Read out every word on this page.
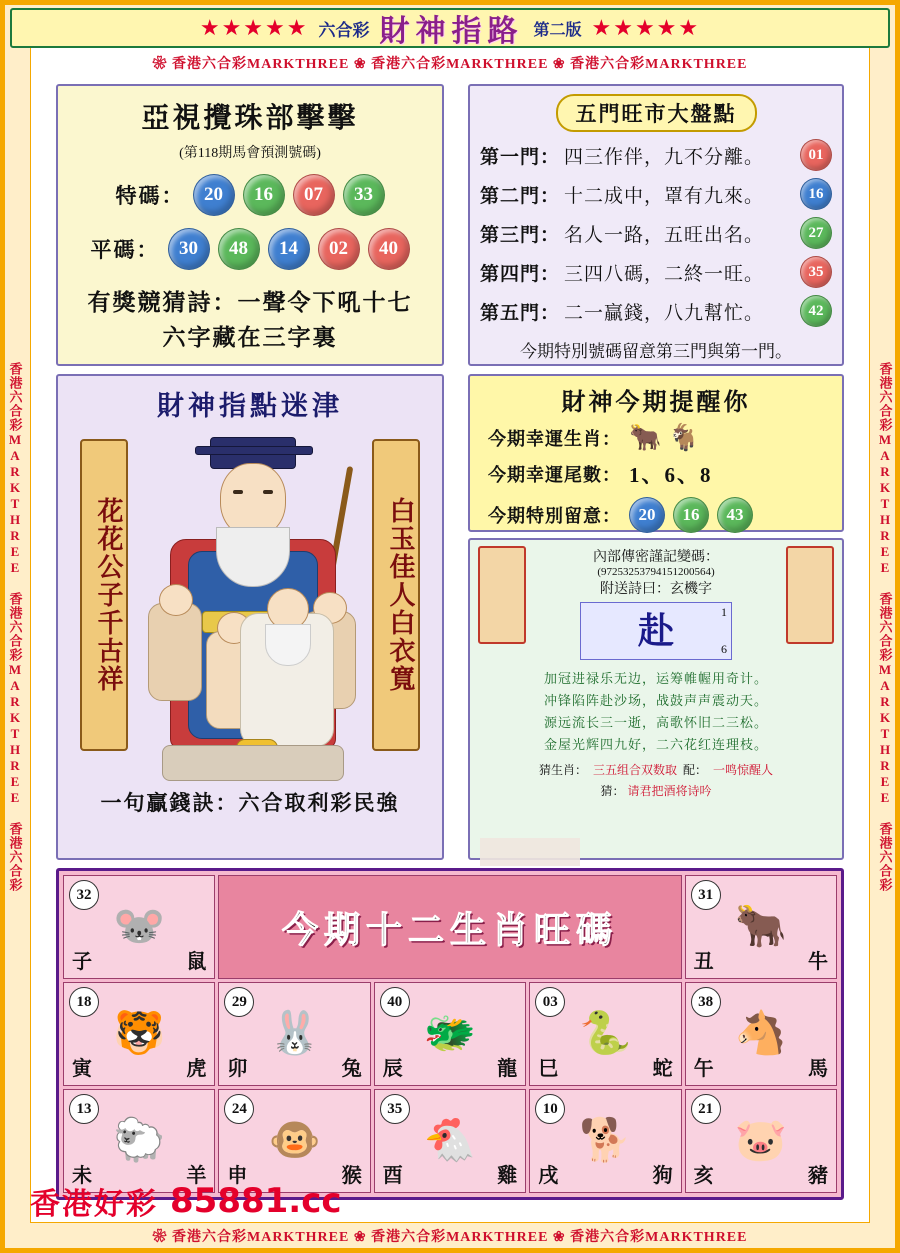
香港六合彩MARKTHREE 香港六合彩MARKTHREE 香港六合彩	香港六合彩MARKTHREE 香港六合彩MARKTHREE 香港六合彩
★★★★★ 六合彩 財神指路 第二版 ★★★★★
❀ 香港六合彩MARKTHREE ❀ 香港六合彩MARKTHREE ❀ 香港六合彩MARKTHREE
❀ 香港六合彩MARKTHREE ❀ 香港六合彩MARKTHREE ❀ 香港六合彩MARKTHREE
亞視攪珠部擊擊
(第118期馬會預測號碼)
特碼：	20	16	07	33
平碼：	30	48	14	02	40
有獎競猜詩：一聲令下吼十七
六字藏在三字裏
五門旺市大盤點
第一門： 四三作伴，九不分離。	01
第二門： 十二成中，罩有九來。	16
第三門： 名人一路，五旺出名。	27
第四門： 三四八碼，二終一旺。	35
第五門： 二一贏錢，八九幫忙。	42
今期特別號碼留意第三門與第一門。
財神指點迷津
花花公子千古祥	白玉佳人白衣寬
一句贏錢訣：六合取利彩民強
財神今期提醒你
今期幸運生肖： 🐂 🐐
今期幸運尾數： 1、6、8
今期特別留意：	20	16	43
內部傳密謹記變碼：
(97253253794151200564)
附送詩曰：玄機字
赴	1
6
加冠进禄乐无边，运筹帷幄用奇计。
冲锋陷阵赴沙场，战鼓声声震动天。
源远流长三一逝，高歌怀旧二三松。
金屋光辉四九好，二六花红连理枝。
猜生肖： 三五组合双数取 配： 一鸣惊醒人
猜： 请君把酒将诗吟
32
🐭
子	鼠
今期十二生肖旺碼
31
🐂
丑	牛
18
🐯
寅	虎
29
🐰
卯	兔
40
🐲
辰	龍
03
🐍
巳	蛇
38
🐴
午	馬
13
🐑
未	羊
24
🐵
申	猴
35
🐔
酉	雞
10
🐕
戌	狗
21
🐷
亥	豬
香港好彩 85881.cc
